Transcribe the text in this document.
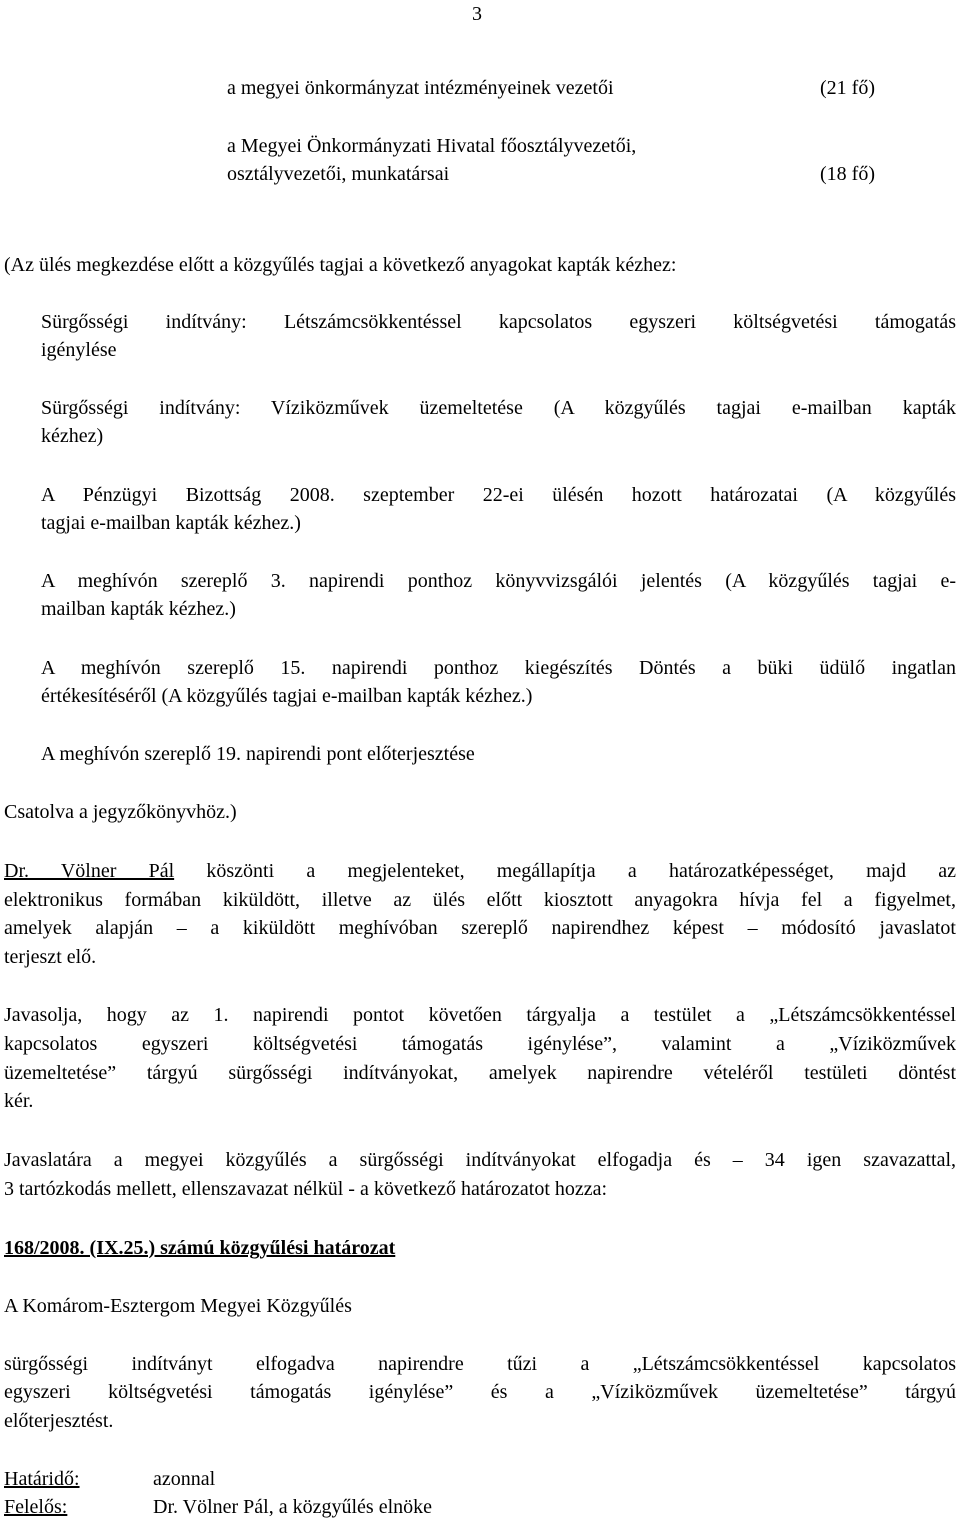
3
a megyei önkormányzat intézményeinek vezetői	(21 fő)
a Megyei Önkormányzati Hivatal főosztályvezetői,
osztályvezetői, munkatársai	(18 fő)
(Az ülés megkezdése előtt a közgyűlés tagjai a következő anyagokat kapták kézhez:
Sürgősségi indítvány: Létszámcsökkentéssel kapcsolatos egyszeri költségvetési támogatás
igénylése
Sürgősségi indítvány: Víziközművek üzemeltetése (A közgyűlés tagjai e-mailban kapták
kézhez)
A Pénzügyi Bizottság 2008. szeptember 22-ei ülésén hozott határozatai (A közgyűlés
tagjai e-mailban kapták kézhez.)
A meghívón szereplő 3. napirendi ponthoz könyvvizsgálói jelentés (A közgyűlés tagjai e-
mailban kapták kézhez.)
A meghívón szereplő 15. napirendi ponthoz kiegészítés Döntés a büki üdülő ingatlan
értékesítéséről (A közgyűlés tagjai e-mailban kapták kézhez.)
A meghívón szereplő 19. napirendi pont előterjesztése
Csatolva a jegyzőkönyvhöz.)
Dr. Völner Pál köszönti a megjelenteket, megállapítja a határozatképességet, majd az
elektronikus formában kiküldött, illetve az ülés előtt kiosztott anyagokra hívja fel a figyelmet,
amelyek alapján – a kiküldött meghívóban szereplő napirendhez képest – módosító javaslatot
terjeszt elő.
Javasolja, hogy az 1. napirendi pontot követően tárgyalja a testület a „Létszámcsökkentéssel
kapcsolatos egyszeri költségvetési támogatás igénylése”, valamint a „Víziközművek
üzemeltetése” tárgyú sürgősségi indítványokat, amelyek napirendre vételéről testületi döntést
kér.
Javaslatára a megyei közgyűlés a sürgősségi indítványokat elfogadja és – 34 igen szavazattal,
3 tartózkodás mellett, ellenszavazat nélkül - a következő határozatot hozza:
168/2008. (IX.25.) számú közgyűlési határozat
A Komárom-Esztergom Megyei Közgyűlés
sürgősségi indítványt elfogadva napirendre tűzi a „Létszámcsökkentéssel kapcsolatos
egyszeri költségvetési támogatás igénylése” és a „Víziközművek üzemeltetése” tárgyú
előterjesztést.
Határidő:	azonnal
Felelős:	Dr. Völner Pál, a közgyűlés elnöke
